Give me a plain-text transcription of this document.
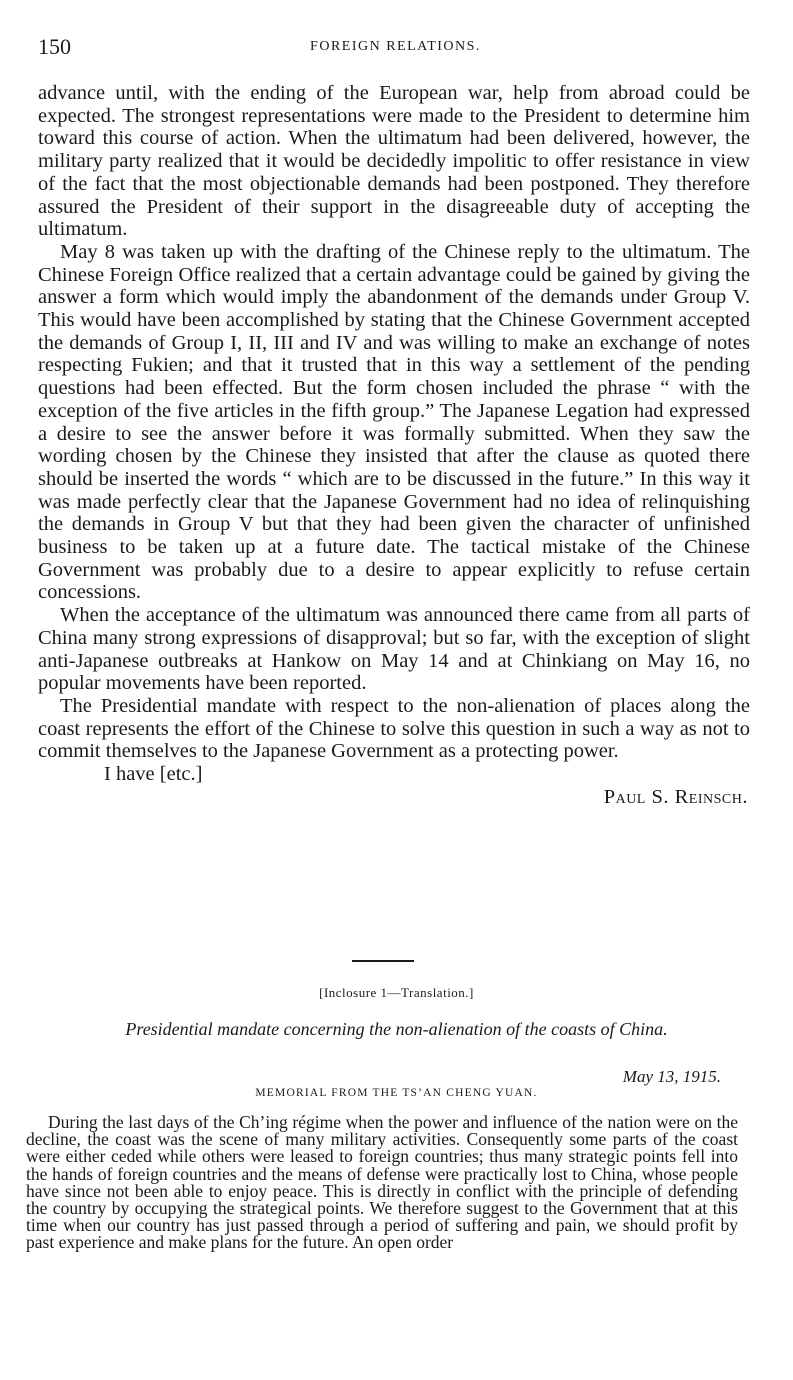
150	FOREIGN RELATIONS.

advance until, with the ending of the European war, help from abroad could be expected. The strongest representations were made to the President to determine him toward this course of action. When the ultimatum had been delivered, however, the military party realized that it would be decidedly impolitic to offer resistance in view of the fact that the most objectionable demands had been postponed. They therefore assured the President of their support in the disagreeable duty of accepting the ultimatum.

May 8 was taken up with the drafting of the Chinese reply to the ultimatum. The Chinese Foreign Office realized that a certain advantage could be gained by giving the answer a form which would imply the abandonment of the demands under Group V. This would have been accomplished by stating that the Chinese Government accepted the demands of Group I, II, III and IV and was willing to make an exchange of notes respecting Fukien; and that it trusted that in this way a settlement of the pending questions had been effected. But the form chosen included the phrase “ with the exception of the five articles in the fifth group.” The Japanese Legation had expressed a desire to see the answer before it was formally submitted. When they saw the wording chosen by the Chinese they insisted that after the clause as quoted there should be inserted the words “ which are to be discussed in the future.” In this way it was made perfectly clear that the Japanese Government had no idea of relinquishing the demands in Group V but that they had been given the character of unfinished business to be taken up at a future date. The tactical mistake of the Chinese Government was probably due to a desire to appear explicitly to refuse certain concessions.

When the acceptance of the ultimatum was announced there came from all parts of China many strong expressions of disapproval; but so far, with the exception of slight anti-Japanese outbreaks at Hankow on May 14 and at Chinkiang on May 16, no popular movements have been reported.

The Presidential mandate with respect to the non-alienation of places along the coast represents the effort of the Chinese to solve this question in such a way as not to commit themselves to the Japanese Government as a protecting power.

I have [etc.]

Paul S. Reinsch.

[Inclosure 1—Translation.]
Presidential mandate concerning the non-alienation of the coasts of China.
May 13, 1915.
MEMORIAL FROM THE TS’AN CHENG YUAN.

During the last days of the Ch’ing régime when the power and influence of the nation were on the decline, the coast was the scene of many military activities. Consequently some parts of the coast were either ceded while others were leased to foreign countries; thus many strategic points fell into the hands of foreign countries and the means of defense were practically lost to China, whose people have since not been able to enjoy peace. This is directly in conflict with the principle of defending the country by occupying the strategical points. We therefore suggest to the Government that at this time when our country has just passed through a period of suffering and pain, we should profit by past experience and make plans for the future. An open order
